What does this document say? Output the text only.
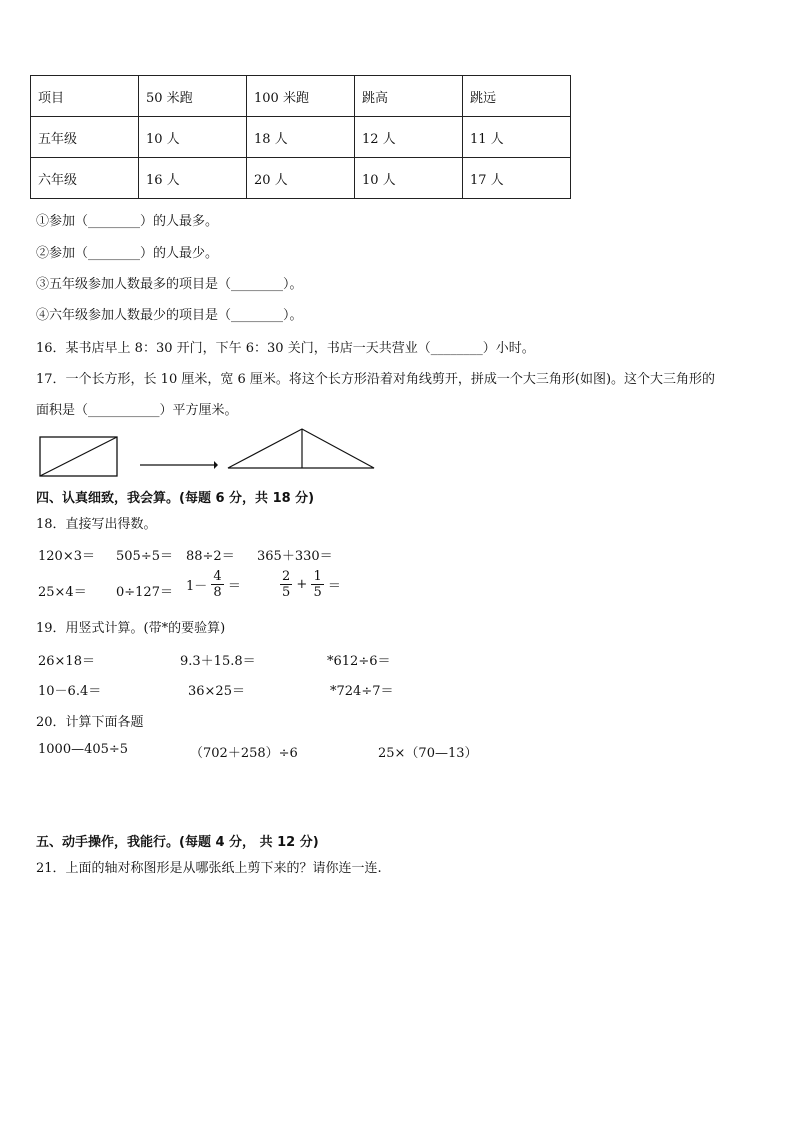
项目	50 米跑	100 米跑	跳高	跳远
五年级	10 人	18 人	12 人	11 人
六年级	16 人	20 人	10 人	17 人
①参加（________）的人最多。
②参加（________）的人最少。
③五年级参加人数最多的项目是（________）。
④六年级参加人数最少的项目是（________）。
16．某书店早上 8：30 开门，下午 6：30 关门，书店一天共营业（________）小时。
17．一个长方形，长 10 厘米，宽 6 厘米。将这个长方形沿着对角线剪开，拼成一个大三角形(如图)。这个大三角形的
面积是（___________）平方厘米。
四、认真细致，我会算。(每题 6 分，共 18 分)
18．直接写出得数。
120×3＝ 505÷5＝ 88÷2＝ 365＋330＝
$25\times 4= 0\div 127= 1- \frac{4}{8}$ ＝	$\frac{2}{5} + \frac{1}{5}$ ＝
19．用竖式计算。(带*的要验算)
26×18＝	9.3＋15.8＝	*612÷6＝
10－6.4＝	36×25＝	*724÷7＝
20．计算下面各题
1000—405÷5	（702＋258）÷6	25×（70—13）
五、动手操作，我能行。(每题 4 分， 共 12 分)
21．上面的轴对称图形是从哪张纸上剪下来的？请你连一连.
